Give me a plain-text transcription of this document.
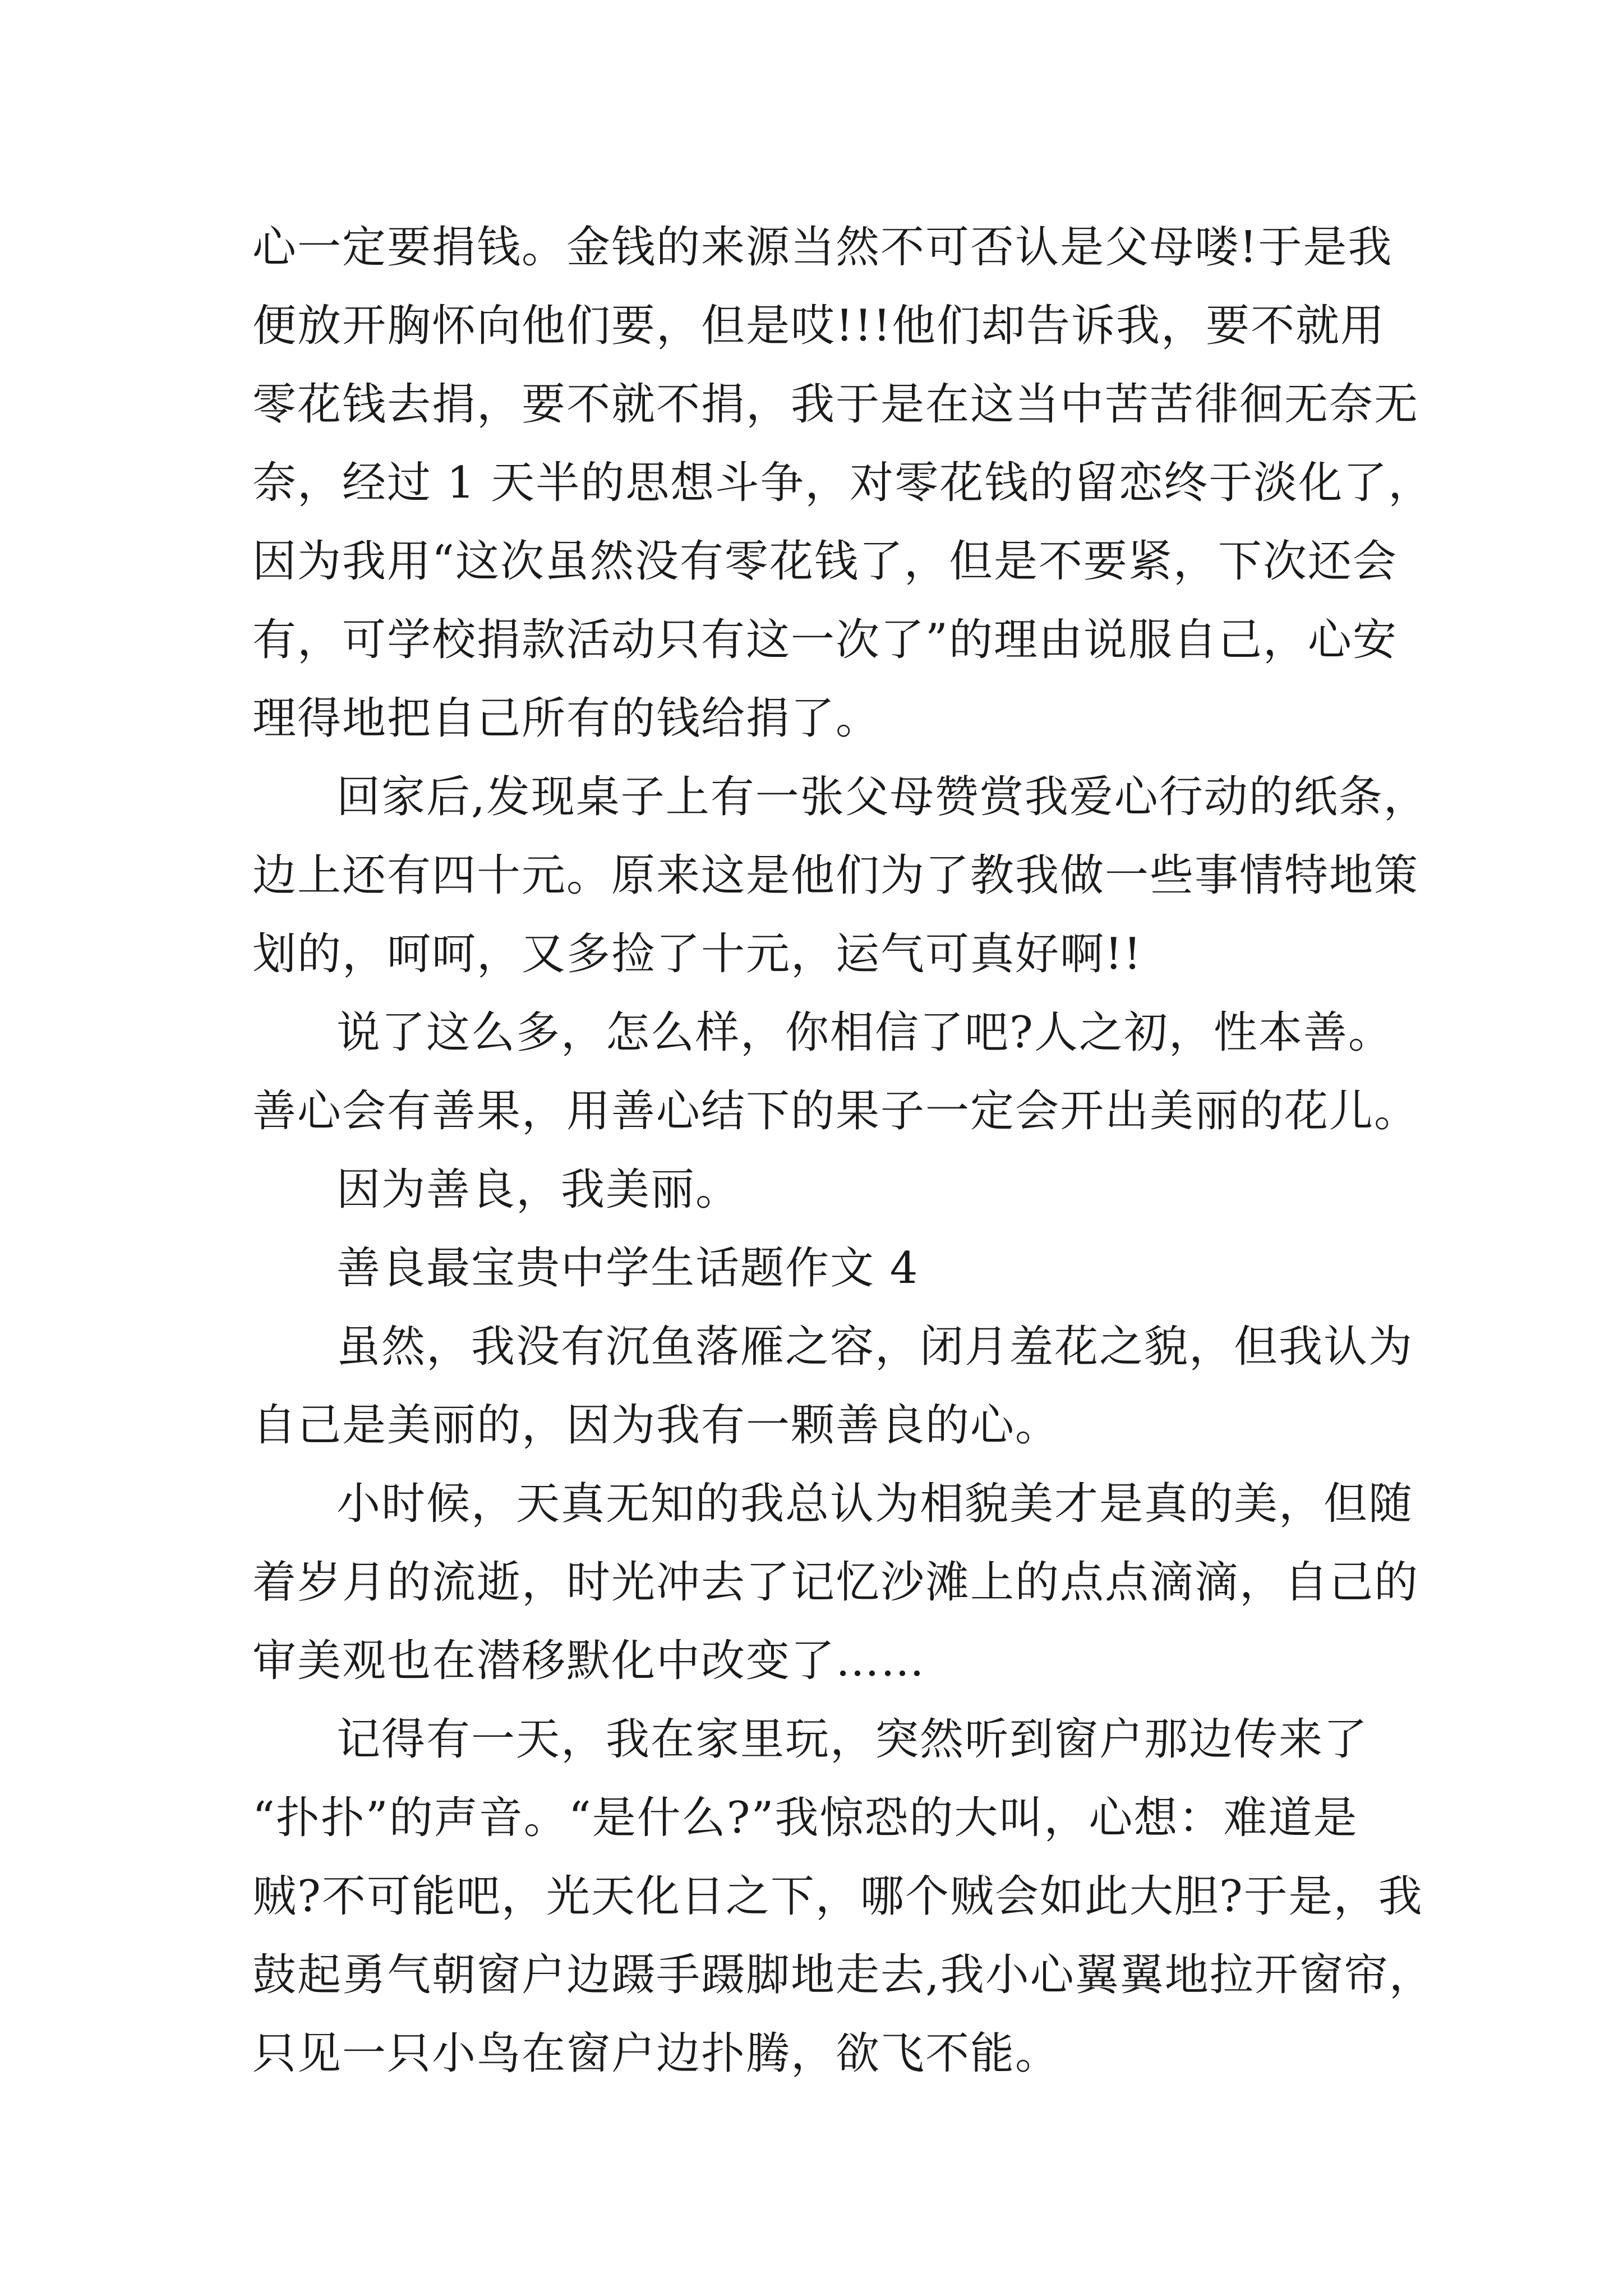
心一定要捐钱。金钱的来源当然不可否认是父母喽!于是我
便放开胸怀向他们要，但是哎!!!他们却告诉我，要不就用
零花钱去捐，要不就不捐，我于是在这当中苦苦徘徊无奈无
奈，经过 1 天半的思想斗争，对零花钱的留恋终于淡化了，
因为我用“这次虽然没有零花钱了，但是不要紧，下次还会
有，可学校捐款活动只有这一次了”的理由说服自己，心安
理得地把自己所有的钱给捐了。
回家后,发现桌子上有一张父母赞赏我爱心行动的纸条，
边上还有四十元。原来这是他们为了教我做一些事情特地策
划的，呵呵，又多捡了十元，运气可真好啊!!
说了这么多，怎么样，你相信了吧?人之初，性本善。
善心会有善果，用善心结下的果子一定会开出美丽的花儿。
因为善良，我美丽。
善良最宝贵中学生话题作文 4
虽然，我没有沉鱼落雁之容，闭月羞花之貌，但我认为
自己是美丽的，因为我有一颗善良的心。
小时候，天真无知的我总认为相貌美才是真的美，但随
着岁月的流逝，时光冲去了记忆沙滩上的点点滴滴，自己的
审美观也在潜移默化中改变了……
记得有一天，我在家里玩，突然听到窗户那边传来了
“扑扑”的声音。“是什么?”我惊恐的大叫，心想：难道是
贼?不可能吧，光天化日之下，哪个贼会如此大胆?于是，我
鼓起勇气朝窗户边蹑手蹑脚地走去,我小心翼翼地拉开窗帘，
只见一只小鸟在窗户边扑腾，欲飞不能。
